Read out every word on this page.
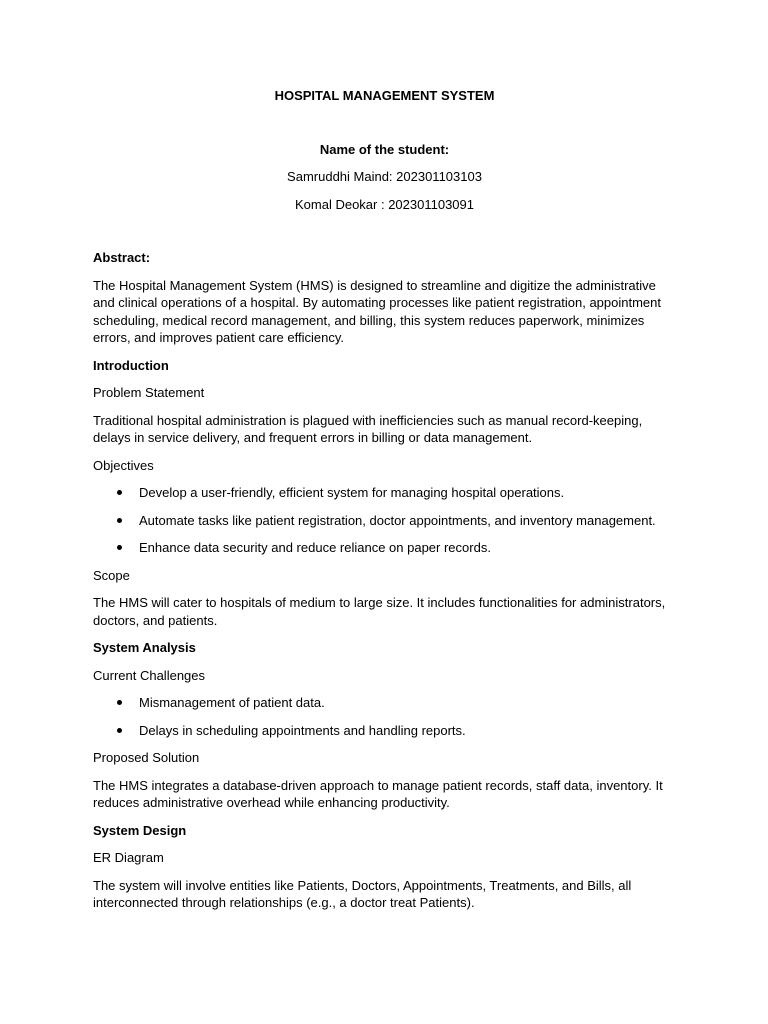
HOSPITAL MANAGEMENT SYSTEM
Name of the student:
Samruddhi Maind: 202301103103
Komal Deokar : 202301103091

Abstract:

The Hospital Management System (HMS) is designed to streamline and digitize the administrative and clinical operations of a hospital. By automating processes like patient registration, appointment scheduling, medical record management, and billing, this system reduces paperwork, minimizes errors, and improves patient care efficiency.

Introduction

Problem Statement

Traditional hospital administration is plagued with inefficiencies such as manual record-keeping, delays in service delivery, and frequent errors in billing or data management.

Objectives

Develop a user-friendly, efficient system for managing hospital operations.
Automate tasks like patient registration, doctor appointments, and inventory management.
Enhance data security and reduce reliance on paper records.

Scope

The HMS will cater to hospitals of medium to large size. It includes functionalities for administrators, doctors, and patients.

System Analysis

Current Challenges

Mismanagement of patient data.
Delays in scheduling appointments and handling reports.

Proposed Solution

The HMS integrates a database-driven approach to manage patient records, staff data, inventory. It reduces administrative overhead while enhancing productivity.

System Design

ER Diagram

The system will involve entities like Patients, Doctors, Appointments, Treatments, and Bills, all interconnected through relationships (e.g., a doctor treat Patients).
